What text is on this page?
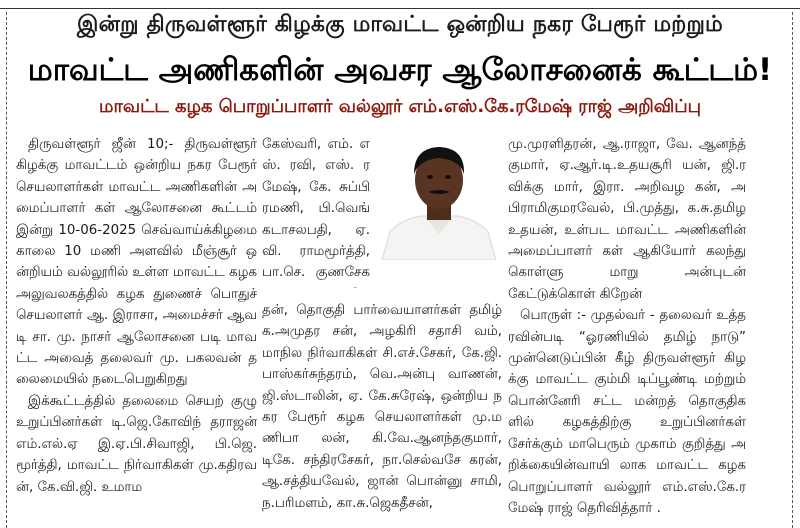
இன்று திருவள்ளூர் கிழக்கு மாவட்ட ஒன்றிய நகர பேரூர் மற்றும்
மாவட்ட அணிகளின் அவசர ஆலோசனைக் கூட்டம்!
மாவட்ட கழக பொறுப்பாளர் வல்லூர் எம்.எஸ்.கே.ரமேஷ் ராஜ் அறிவிப்பு

திருவள்ளூர் ஜீன் 10;- திருவள்ளூர் கிழக்கு மாவட்டம் ஒன்றிய நகர பேரூர் செயலாளர்கள் மாவட்ட அணிகளின் அமைப்பாளர் கள் ஆலோசனை கூட்டம் இன்று 10-06-2025 செவ்வாய்க்கிழமை காலை 10 மணி அளவில் மீஞ்சூர் ஒன்றியம் வல்லூரில் உள்ள மாவட்ட கழக அலுவலகத்தில் கழக துணைச் பொதுச் செயலாளர் ஆ. இராசா, அமைச்சர் ஆவடி சா. மு. நாசர் ஆலோசனை படி மாவட்ட அவைத் தலைவர் மு. பகலவன் தலைமையில் நடைபெறுகிறது

இக்கூட்டத்தில் தலைமை செயற் குழு உறுப்பினர்கள் டி.ஜெ.கோவிந் தராஜன் எம்.எல்.ஏ இ.ஏ.பி.சிவாஜி, பி.ஜெ.மூர்த்தி, மாவட்ட நிர்வாகிகள் மு.கதிரவன், கே.வி.ஜி. உமாம

கேஸ்வரி, எம். எஸ். ரவி, எஸ். ரமேஷ், கே. சுப்பி ரமணி, பி.வெங் கடாசலபதி, ஏ.வி. ராமமூர்த்தி, பா.செ. குணசேக

தன், தொகுதி பார்வையாளர்கள் தமிழ் க.அமுதர சன், அழகிரி சதாசி வம், மாநில நிர்வாகிகள் சி.எச்.சேகர், கே.ஜி.பாஸ்கர்சுந்தரம், வெ.அன்பு வாணன், ஜி.ஸ்டாலின், ஏ. கே.சுரேஷ், ஒன்றிய நகர பேரூர் கழக செயலாளர்கள் மு.மணிபா லன், கி.வே.ஆனந்தகுமார், டிகே. சந்திரசேகர், நா.செல்வசே கரன், ஆ.சத்தியவேல், ஜான் பொன்னு சாமி, ந.பரிமளம், கா.சு.ஜெகதீசன்,

மு.முரளிதரன், ஆ.ராஜா, வே. ஆனந்த் குமார், ஏ.ஆர்.டி.உதயசூரி யன், ஜி.ரவிக்கு மார், இரா. அறிவழ கன், அபிராமிகுமரவேல், பி.முத்து, க.சு.தமிழ உதயன், உள்பட மாவட்ட அணிகளின் அமைப்பாளர் கள் ஆகியோர் கலந்து கொள்ளு மாறு அன்புடன் கேட்டுக்கொள் கிறேன்

பொருள் :- முதல்வர் - தலைவர் உத்தரவின்படி “ஓரணியில் தமிழ் நாடு” முன்னெடுப்பின் கீழ் திருவள்ளூர் கிழக்கு மாவட்ட கும்மி டிப்பூண்டி மற்றும் பொன்னேரி சட்ட மன்றத் தொகுதிகளில் கழகத்திற்கு உறுப்பினர்கள் சேர்க்கும் மாபெரும் முகாம் குறித்து அறிக்கையின்வாயி லாக மாவட்ட கழக பொறுப்பாளர் வல்லூர் எம்.எஸ்.கே.ரமேஷ் ராஜ் தெரிவித்தார் .
